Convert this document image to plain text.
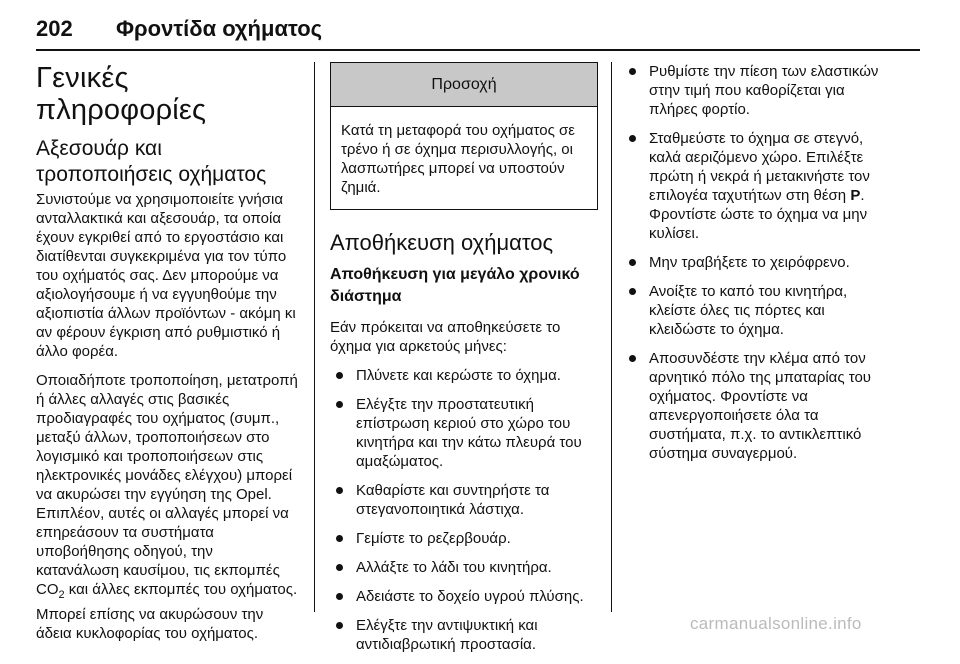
202 Φροντίδα οχήματος
Γενικές πληροφορίες
Αξεσουάρ και τροποποιήσεις οχήματος

Συνιστούμε να χρησιμοποιείτε γνήσια ανταλλακτικά και αξεσουάρ, τα οποία έχουν εγκριθεί από το εργοστάσιο και διατίθενται συγκεκριμένα για τον τύπο του οχήματός σας. Δεν μπορούμε να αξιολογήσουμε ή να εγγυηθούμε την αξιοπιστία άλλων προϊόντων - ακόμη κι αν φέρουν έγκριση από ρυθμιστικό ή άλλο φορέα.

Οποιαδήποτε τροποποίηση, μετατροπή ή άλλες αλλαγές στις βασικές προδιαγραφές του οχήματος (συμπ., μεταξύ άλλων, τροποποιήσεων στο λογισμικό και τροποποιήσεων στις ηλεκτρονικές μονάδες ελέγχου) μπορεί να ακυρώσει την εγγύηση της Opel. Επιπλέον, αυτές οι αλλαγές μπορεί να επηρεάσουν τα συστήματα υποβοήθησης οδηγού, την κατανάλωση καυσίμου, τις εκπομπές $CO_2$ και άλλες εκπομπές του οχήματος. Μπορεί επίσης να ακυρώσουν την άδεια κυκλοφορίας του οχήματος.

Προσοχή
Κατά τη μεταφορά του οχήματος σε τρένο ή σε όχημα περισυλλογής, οι λασπωτήρες μπορεί να υποστούν ζημιά.
Αποθήκευση οχήματος
Αποθήκευση για μεγάλο χρονικό διάστημα

Εάν πρόκειται να αποθηκεύσετε το όχημα για αρκετούς μήνες:

Πλύνετε και κερώστε το όχημα.
Ελέγξτε την προστατευτική επίστρωση κεριού στο χώρο του κινητήρα και την κάτω πλευρά του αμαξώματος.
Καθαρίστε και συντηρήστε τα στεγανοποιητικά λάστιχα.
Γεμίστε το ρεζερβουάρ.
Αλλάξτε το λάδι του κινητήρα.
Αδειάστε το δοχείο υγρού πλύσης.
Ελέγξτε την αντιψυκτική και αντιδιαβρωτική προστασία.
Ρυθμίστε την πίεση των ελαστικών στην τιμή που καθορίζεται για πλήρες φορτίο.
Σταθμεύστε το όχημα σε στεγνό, καλά αεριζόμενο χώρο. Επιλέξτε πρώτη ή νεκρά ή μετακινήστε τον επιλογέα ταχυτήτων στη θέση P. Φροντίστε ώστε το όχημα να μην κυλίσει.
Μην τραβήξετε το χειρόφρενο.
Ανοίξτε το καπό του κινητήρα, κλείστε όλες τις πόρτες και κλειδώστε το όχημα.
Αποσυνδέστε την κλέμα από τον αρνητικό πόλο της μπαταρίας του οχήματος. Φροντίστε να απενεργοποιήσετε όλα τα συστήματα, π.χ. το αντικλεπτικό σύστημα συναγερμού.
carmanualsonline.info
